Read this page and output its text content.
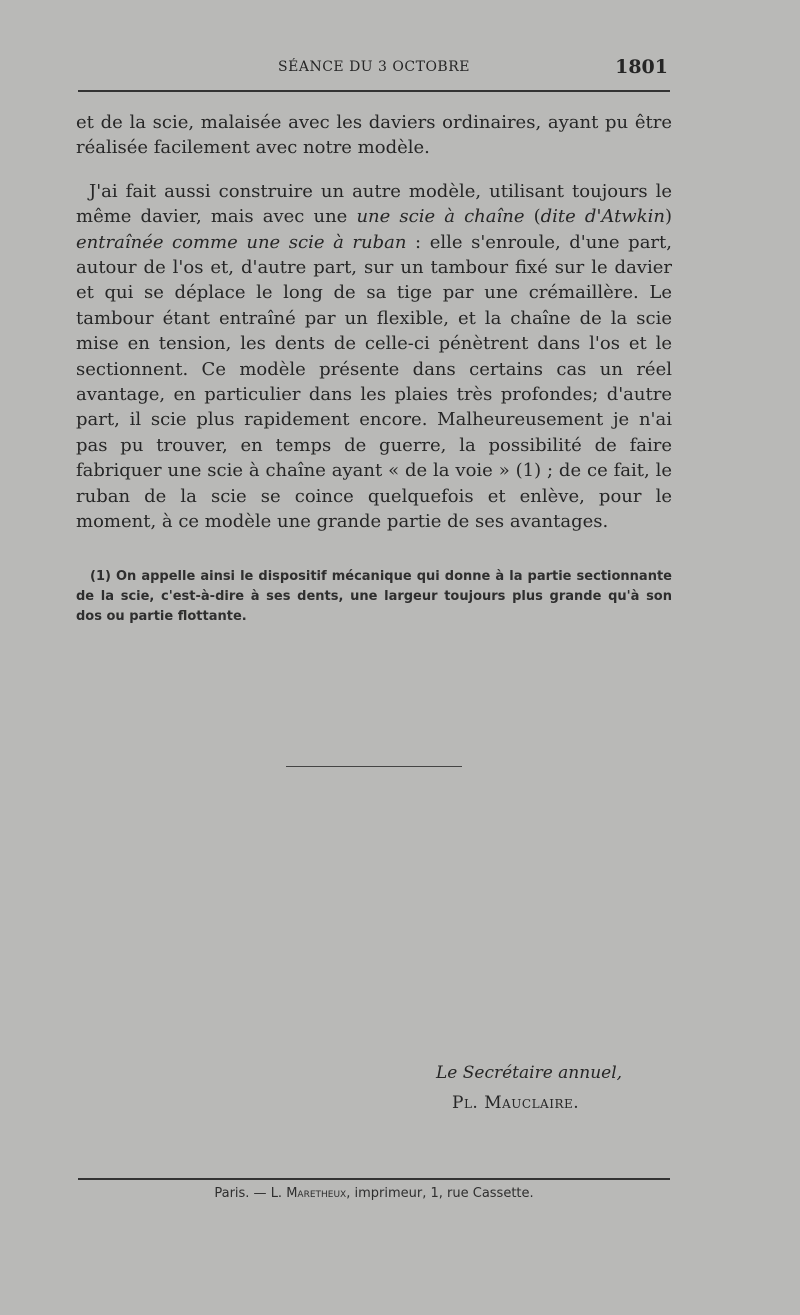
SÉANCE DU 3 OCTOBRE	1801

et de la scie, malaisée avec les daviers ordinaires, ayant pu être réalisée facilement avec notre modèle.

J'ai fait aussi construire un autre modèle, utilisant toujours le même davier, mais avec une une scie à chaîne (dite d'Atwkin) entraînée comme une scie à ruban : elle s'enroule, d'une part, autour de l'os et, d'autre part, sur un tambour fixé sur le davier et qui se déplace le long de sa tige par une crémaillère. Le tambour étant entraîné par un flexible, et la chaîne de la scie mise en tension, les dents de celle-ci pénètrent dans l'os et le sectionnent. Ce modèle présente dans certains cas un réel avantage, en particulier dans les plaies très profondes; d'autre part, il scie plus rapidement encore. Malheureusement je n'ai pas pu trouver, en temps de guerre, la possibilité de faire fabriquer une scie à chaîne ayant « de la voie » (1) ; de ce fait, le ruban de la scie se coince quelquefois et enlève, pour le moment, à ce modèle une grande partie de ses avantages.

(1) On appelle ainsi le dispositif mécanique qui donne à la partie sectionnante de la scie, c'est-à-dire à ses dents, une largeur toujours plus grande qu'à son dos ou partie flottante.
Le Secrétaire annuel,
Pl. Mauclaire.
Paris. — L. Maretheux, imprimeur, 1, rue Cassette.
